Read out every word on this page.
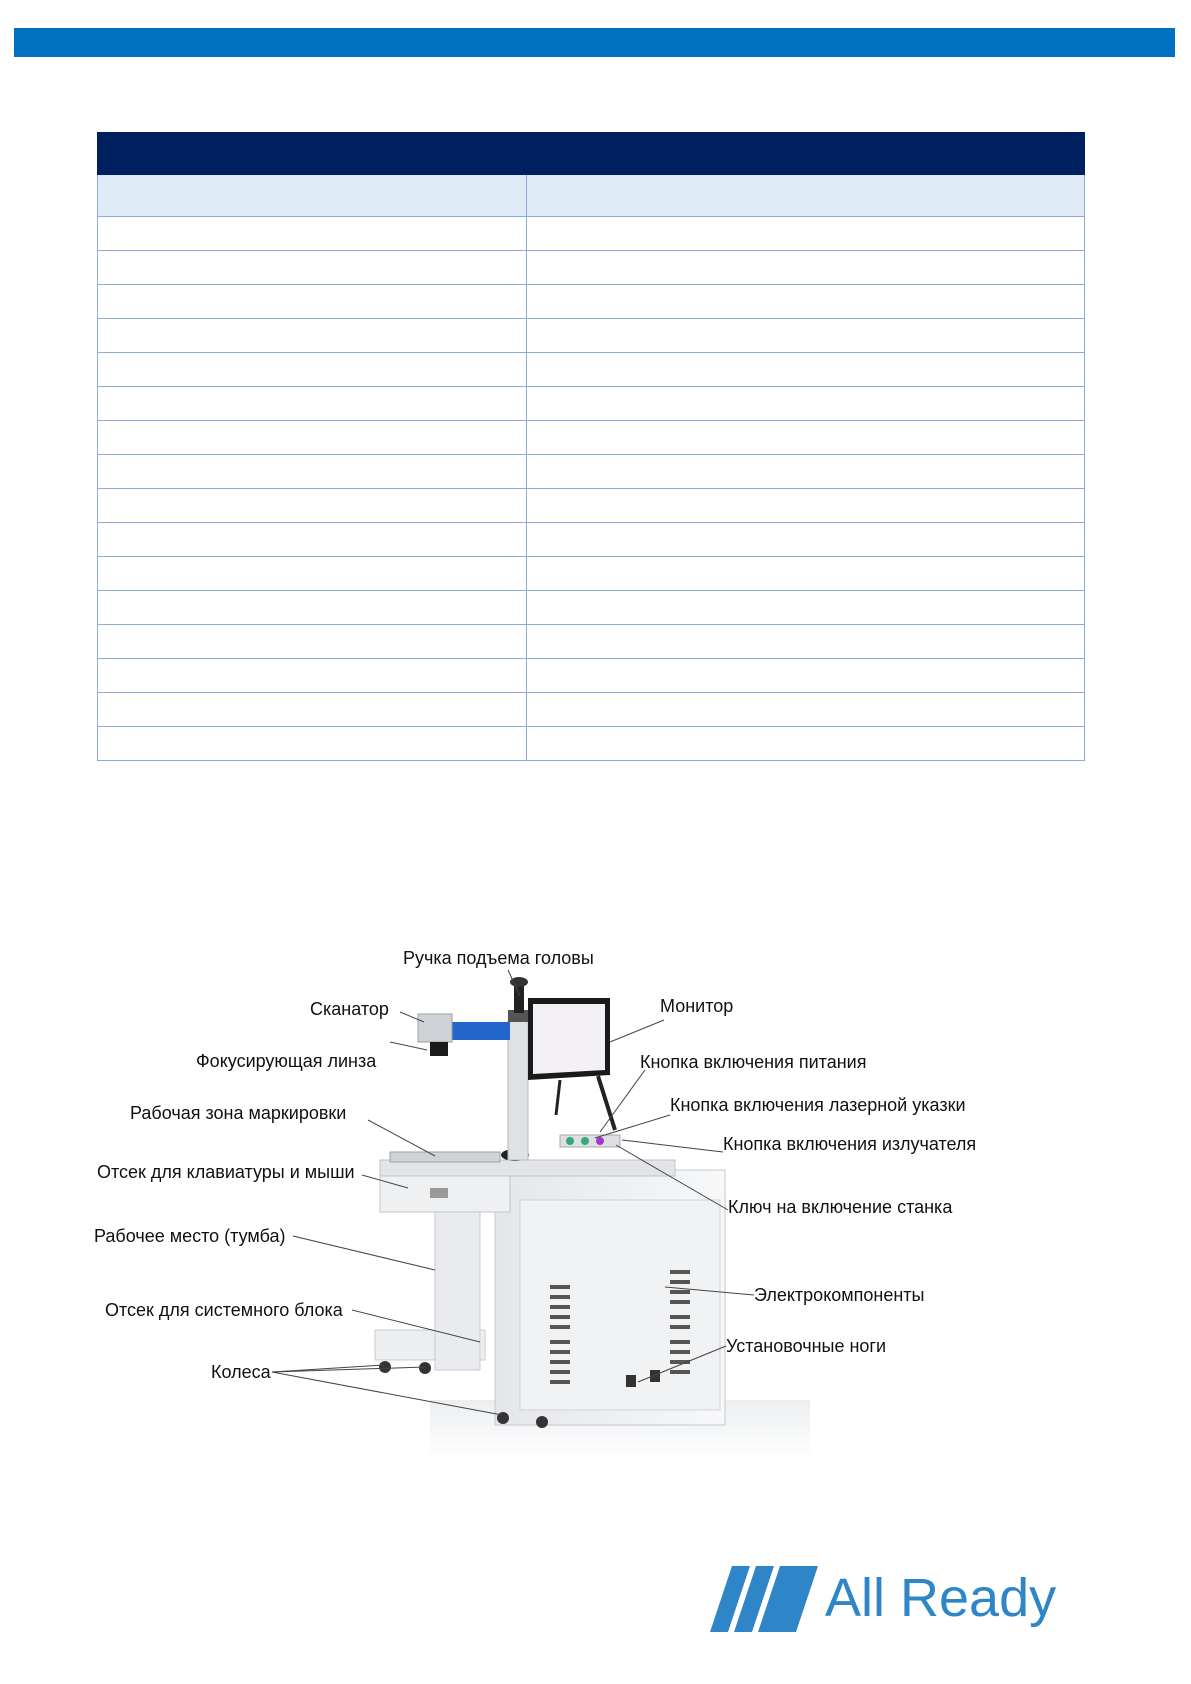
Ручка подъема головы
Сканатор	Монитор
Фокусирующая линза	Кнопка включения питания
Рабочая зона маркировки	Кнопка включения лазерной указки
Кнопка включения излучателя
Отсек для клавиатуры и мыши
Ключ на включение станка
Рабочее место (тумба)
Электрокомпоненты
Отсек для системного блока
Установочные ноги
Колеса
All Ready
